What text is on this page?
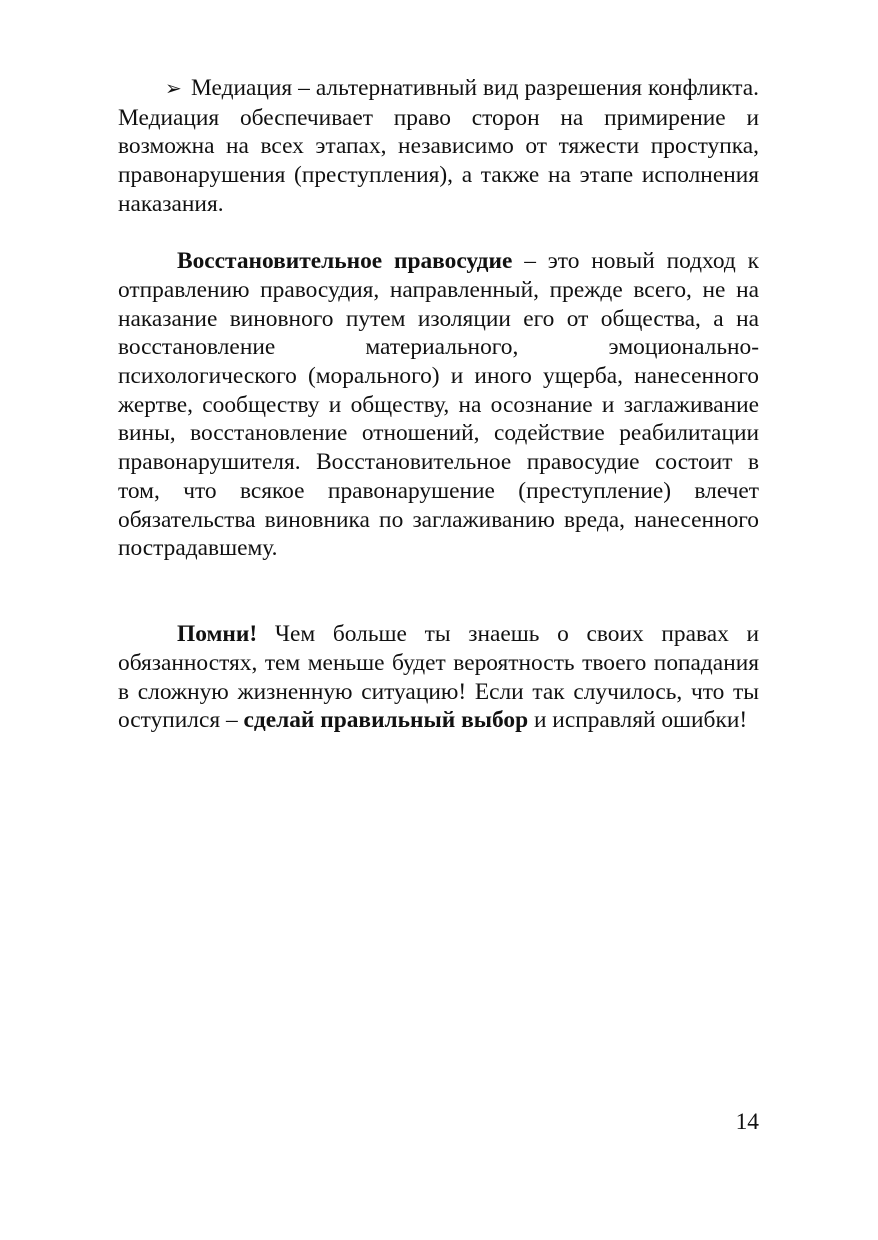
➢ Медиация – альтернативный вид разрешения конфликта. Медиация обеспечивает право сторон на примирение и возможна на всех этапах, независимо от тяжести проступка, правонарушения (преступления), а также на этапе исполнения наказания.

Восстановительное правосудие – это новый подход к отправлению правосудия, направленный, прежде всего, не на наказание виновного путем изоляции его от общества, а на восстановление материального, эмоционально-психологического (морального) и иного ущерба, нанесенного жертве, сообществу и обществу, на осознание и заглаживание вины, восстановление отношений, содействие реабилитации правонарушителя. Восстановительное правосудие состоит в том, что всякое правонарушение (преступление) влечет обязательства виновника по заглаживанию вреда, нанесенного пострадавшему.

Помни! Чем больше ты знаешь о своих правах и обязанностях, тем меньше будет вероятность твоего попадания в сложную жизненную ситуацию! Если так случилось, что ты оступился – сделай правильный выбор и исправляй ошибки!

14
